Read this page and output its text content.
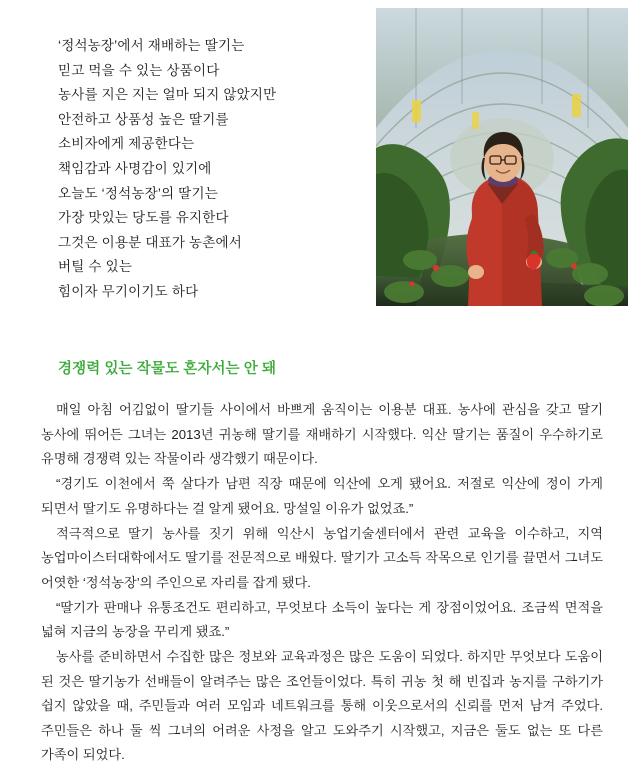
‘정석농장’에서 재배하는 딸기는
믿고 먹을 수 있는 상품이다
농사를 지은 지는 얼마 되지 않았지만
안전하고 상품성 높은 딸기를
소비자에게 제공한다는
책임감과 사명감이 있기에
오늘도 ‘정석농장’의 딸기는
가장 맛있는 당도를 유지한다
그것은 이용분 대표가 농촌에서
버틸 수 있는
힘이자 무기이기도 하다
경쟁력 있는 작물도 혼자서는 안 돼

매일 아침 어김없이 딸기들 사이에서 바쁘게 움직이는 이용분 대표. 농사에 관심을 갖고 딸기 농사에 뛰어든 그녀는 2013년 귀농해 딸기를 재배하기 시작했다. 익산 딸기는 품질이 우수하기로 유명해 경쟁력 있는 작물이라 생각했기 때문이다.

“경기도 이천에서 쭉 살다가 남편 직장 때문에 익산에 오게 됐어요. 저절로 익산에 정이 가게 되면서 딸기도 유명하다는 걸 알게 됐어요. 망설일 이유가 없었죠.”

적극적으로 딸기 농사를 짓기 위해 익산시 농업기술센터에서 관련 교육을 이수하고, 지역 농업마이스터대학에서도 딸기를 전문적으로 배웠다. 딸기가 고소득 작목으로 인기를 끌면서 그녀도 어엿한 ‘정석농장’의 주인으로 자리를 잡게 됐다.

“딸기가 판매나 유통조건도 편리하고, 무엇보다 소득이 높다는 게 장점이었어요. 조금씩 면적을 넓혀 지금의 농장을 꾸리게 됐죠.”

농사를 준비하면서 수집한 많은 정보와 교육과정은 많은 도움이 되었다. 하지만 무엇보다 도움이 된 것은 딸기농가 선배들이 알려주는 많은 조언들이었다. 특히 귀농 첫 해 빈집과 농지를 구하기가 쉽지 않았을 때, 주민들과 여러 모임과 네트워크를 통해 이웃으로서의 신뢰를 먼저 남겨 주었다. 주민들은 하나 둘 씩 그녀의 어려운 사정을 알고 도와주기 시작했고, 지금은 둘도 없는 또 다른 가족이 되었다.
